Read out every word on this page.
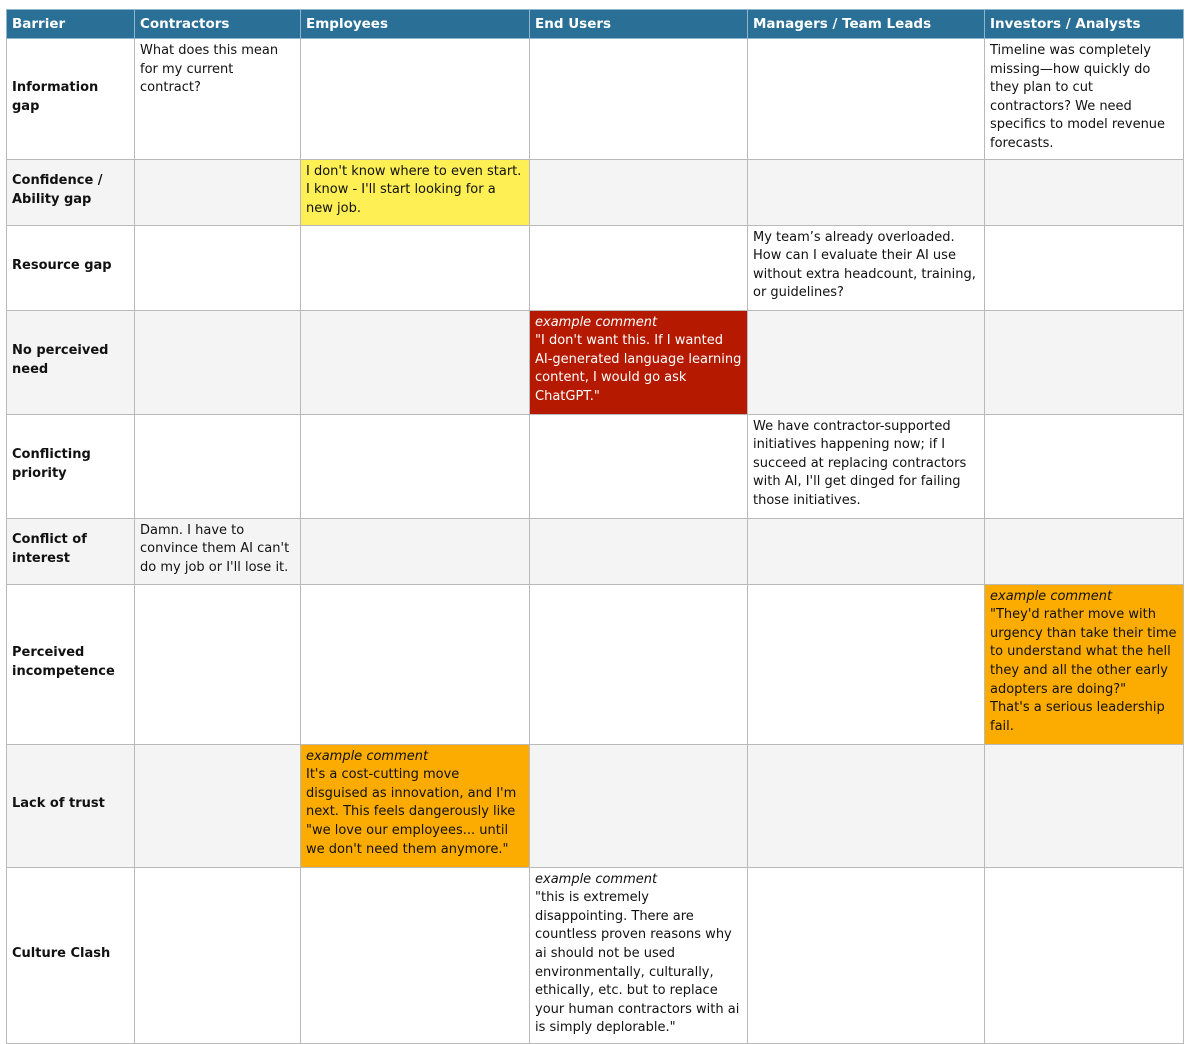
Barrier	Contractors	Employees	End Users	Managers / Team Leads	Investors / Analysts
Information gap	What does this mean for my current contract?				Timeline was completely missing—how quickly do they plan to cut contractors? We need specifics to model revenue forecasts.

Confidence / Ability gap		I don't know where to even start.
I know - I'll start looking for a new job.			

Resource gap				My team’s already overloaded. How can I evaluate their AI use without extra headcount, training, or guidelines?	

No perceived need			example comment
"I don't want this. If I wanted AI-generated language learning content, I would go ask ChatGPT."		

Conflicting priority				We have contractor-supported initiatives happening now; if I succeed at replacing contractors with AI, I'll get dinged for failing those initiatives.	

Conflict of interest	Damn. I have to convince them AI can't do my job or I'll lose it.				

Perceived incompetence					example comment
"They'd rather move with urgency than take their time to understand what the hell they and all the other early adopters are doing?"
That's a serious leadership fail.

Lack of trust		example comment
It's a cost-cutting move disguised as innovation, and I'm next. This feels dangerously like "we love our employees... until we don't need them anymore."			

Culture Clash			example comment
"this is extremely disappointing. There are countless proven reasons why ai should not be used environmentally, culturally, ethically, etc. but to replace your human contractors with ai is simply deplorable."		
